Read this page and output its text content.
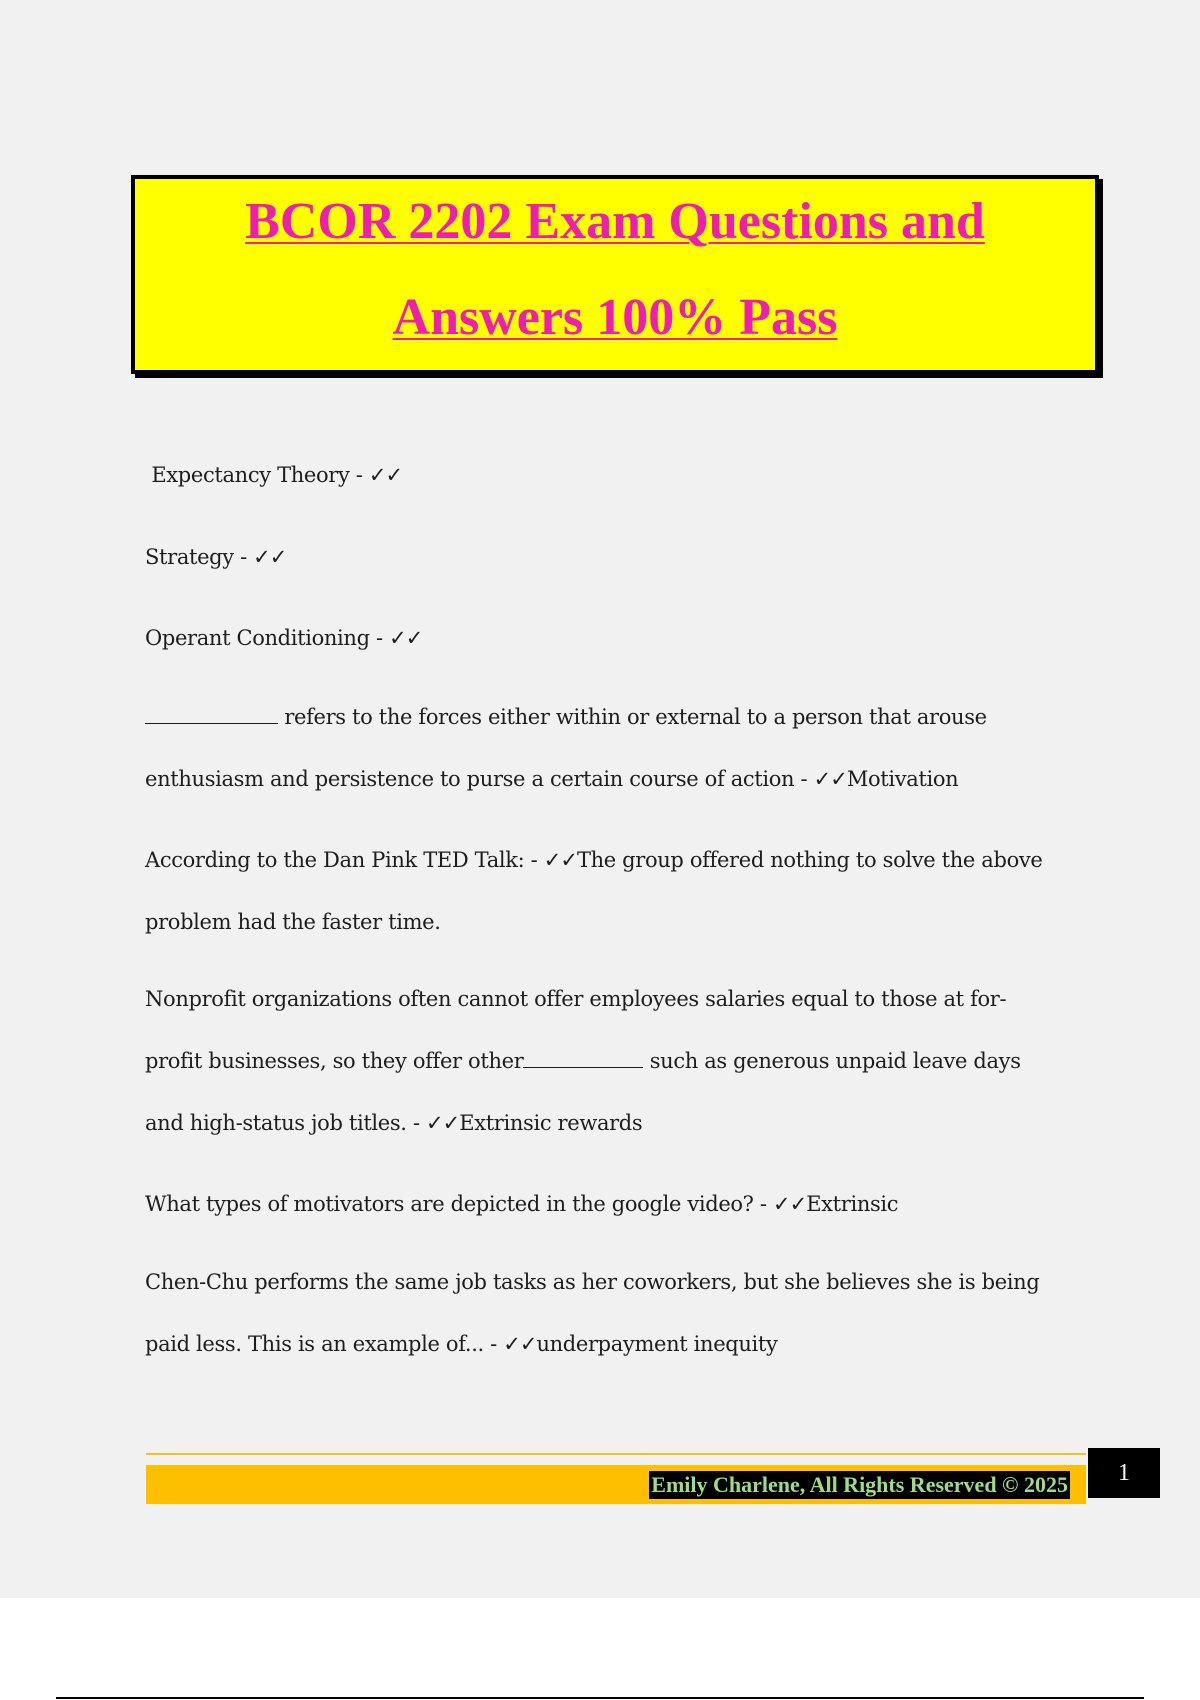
BCOR 2202 Exam Questions and
Answers 100% Pass

Expectancy Theory - ✓✓

Strategy - ✓✓

Operant Conditioning - ✓✓

refers to the forces either within or external to a person that arouse
enthusiasm and persistence to purse a certain course of action - ✓✓Motivation

According to the Dan Pink TED Talk: - ✓✓The group offered nothing to solve the above
problem had the faster time.

Nonprofit organizations often cannot offer employees salaries equal to those at for-
profit businesses, so they offer other	such as generous unpaid leave days
and high-status job titles. - ✓✓Extrinsic rewards

What types of motivators are depicted in the google video? - ✓✓Extrinsic

Chen-Chu performs the same job tasks as her coworkers, but she believes she is being
paid less. This is an example of... - ✓✓underpayment inequity

Emily Charlene, All Rights Reserved © 2025	1
